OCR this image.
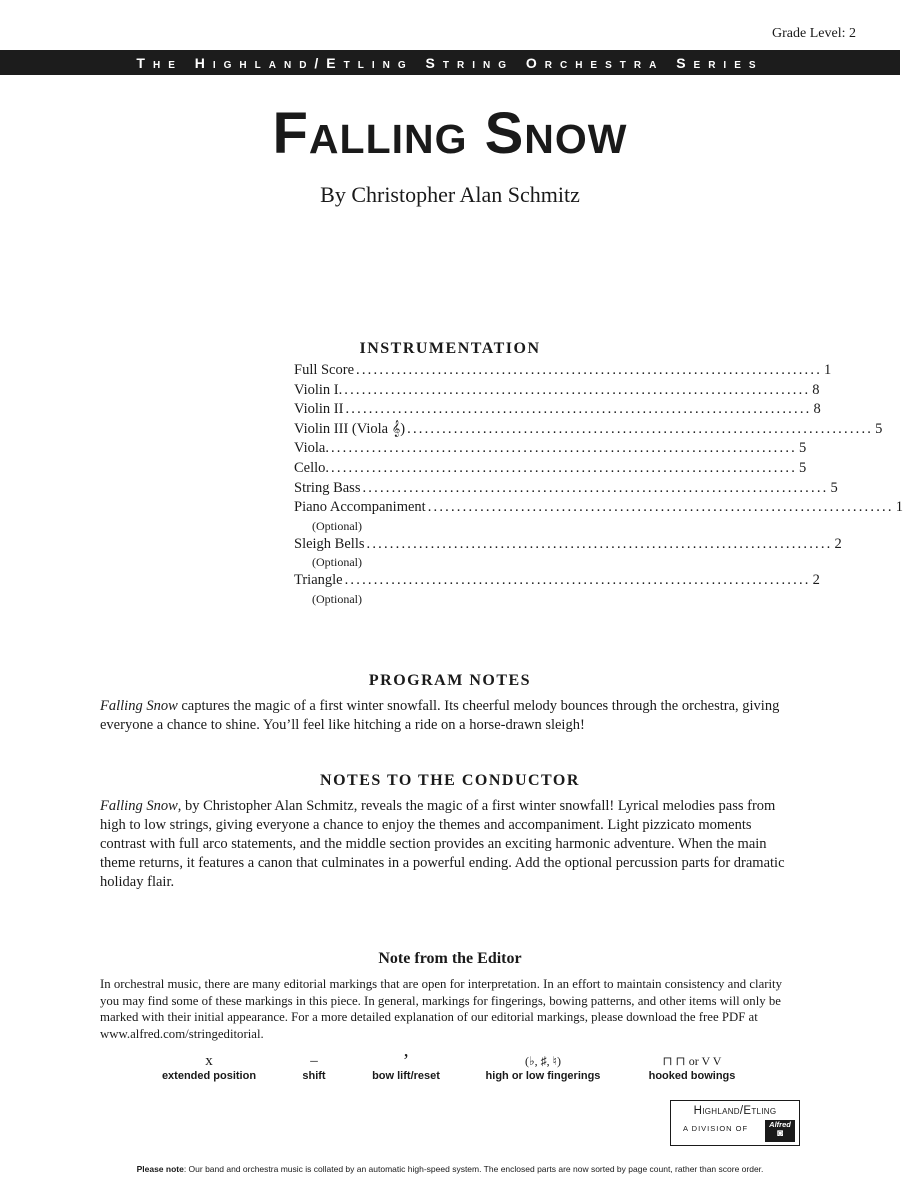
Grade Level: 2
The Highland/Etling String Orchestra Series
Falling Snow
By Christopher Alan Schmitz
INSTRUMENTATION
Full Score ................................................................................ 1
Violin I. ................................................................................ 8
Violin II ................................................................................ 8
Violin III (Viola 𝄞) ................................................................................ 5
Viola. ................................................................................ 5
Cello. ................................................................................ 5
String Bass ................................................................................ 5
Piano Accompaniment ................................................................................ 1
(Optional)
Sleigh Bells ................................................................................ 2
(Optional)
Triangle ................................................................................ 2
(Optional)
PROGRAM NOTES
Falling Snow captures the magic of a first winter snowfall. Its cheerful melody bounces through the orchestra, giving everyone a chance to shine. You’ll feel like hitching a ride on a horse-drawn sleigh!
NOTES TO THE CONDUCTOR
Falling Snow, by Christopher Alan Schmitz, reveals the magic of a first winter snowfall! Lyrical melodies pass from high to low strings, giving everyone a chance to enjoy the themes and accompaniment. Light pizzicato moments contrast with full arco statements, and the middle section provides an exciting harmonic adventure. When the main theme returns, it features a canon that culminates in a powerful ending. Add the optional percussion parts for dramatic holiday flair.
Note from the Editor
In orchestral music, there are many editorial markings that are open for interpretation. In an effort to maintain consistency and clarity you may find some of these markings in this piece. In general, markings for fingerings, bowing patterns, and other items will only be marked with their initial appearance. For a more detailed explanation of our editorial markings, please download the free PDF at www.alfred.com/stringeditorial.
x
extended position
–
shift
’
bow lift/reset
(♭, ♯, ♮)
high or low fingerings
⊓ ⊓ or V V
hooked bowings
Highland/Etling
A DIVISION OF	Alfred
◙
Please note: Our band and orchestra music is collated by an automatic high-speed system. The enclosed parts are now sorted by page count, rather than score order.
